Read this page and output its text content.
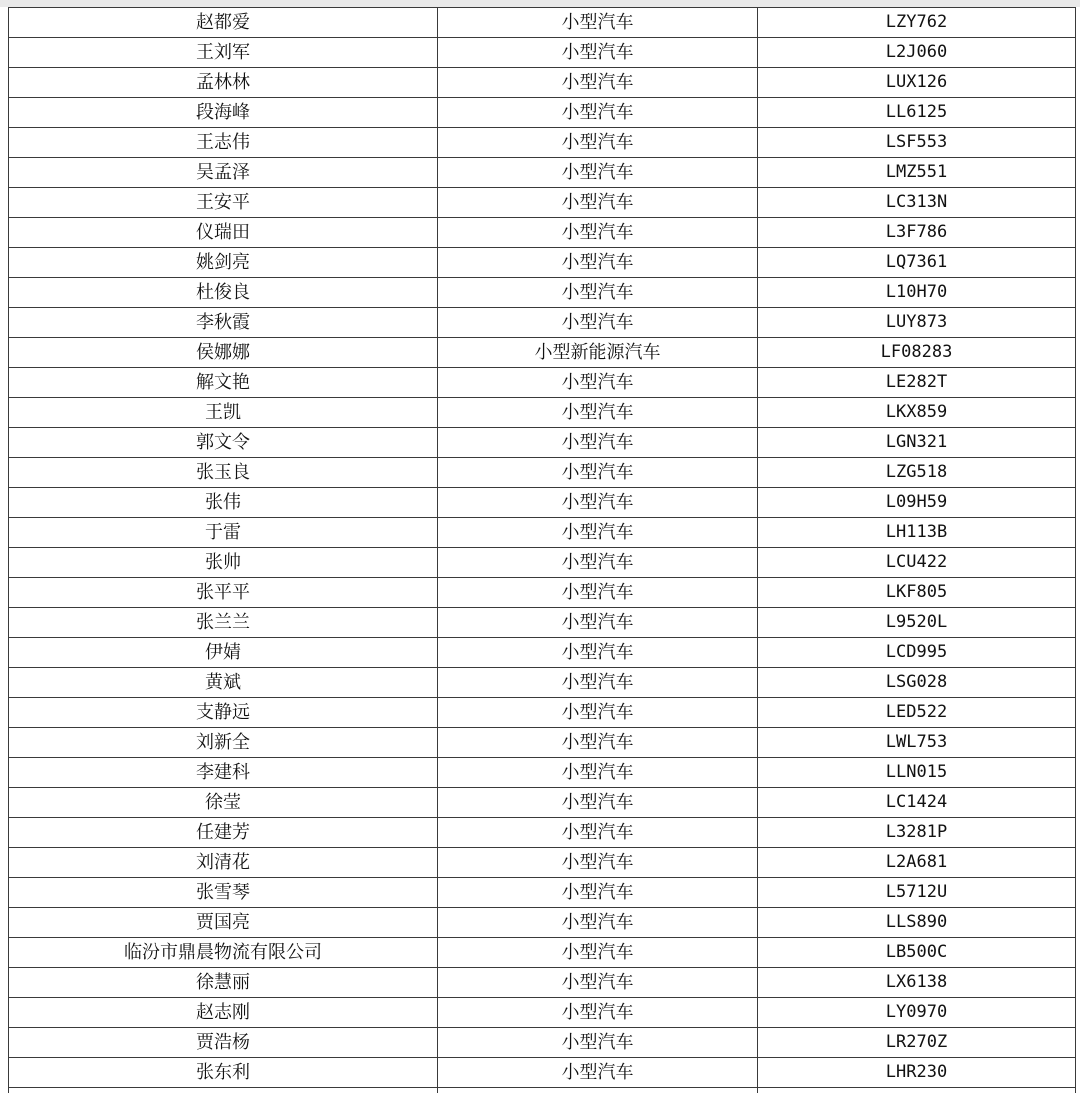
赵都爱	小型汽车	LZY762
王刘军	小型汽车	L2J060
孟林林	小型汽车	LUX126
段海峰	小型汽车	LL6125
王志伟	小型汽车	LSF553
吴孟泽	小型汽车	LMZ551
王安平	小型汽车	LC313N
仪瑞田	小型汽车	L3F786
姚剑亮	小型汽车	LQ7361
杜俊良	小型汽车	L10H70
李秋霞	小型汽车	LUY873
侯娜娜	小型新能源汽车	LF08283
解文艳	小型汽车	LE282T
王凯	小型汽车	LKX859
郭文令	小型汽车	LGN321
张玉良	小型汽车	LZG518
张伟	小型汽车	L09H59
于雷	小型汽车	LH113B
张帅	小型汽车	LCU422
张平平	小型汽车	LKF805
张兰兰	小型汽车	L9520L
伊婧	小型汽车	LCD995
黄斌	小型汽车	LSG028
支静远	小型汽车	LED522
刘新全	小型汽车	LWL753
李建科	小型汽车	LLN015
徐莹	小型汽车	LC1424
任建芳	小型汽车	L3281P
刘清花	小型汽车	L2A681
张雪琴	小型汽车	L5712U
贾国亮	小型汽车	LLS890
临汾市鼎晨物流有限公司	小型汽车	LB500C
徐慧丽	小型汽车	LX6138
赵志刚	小型汽车	LY0970
贾浩杨	小型汽车	LR270Z
张东利	小型汽车	LHR230
